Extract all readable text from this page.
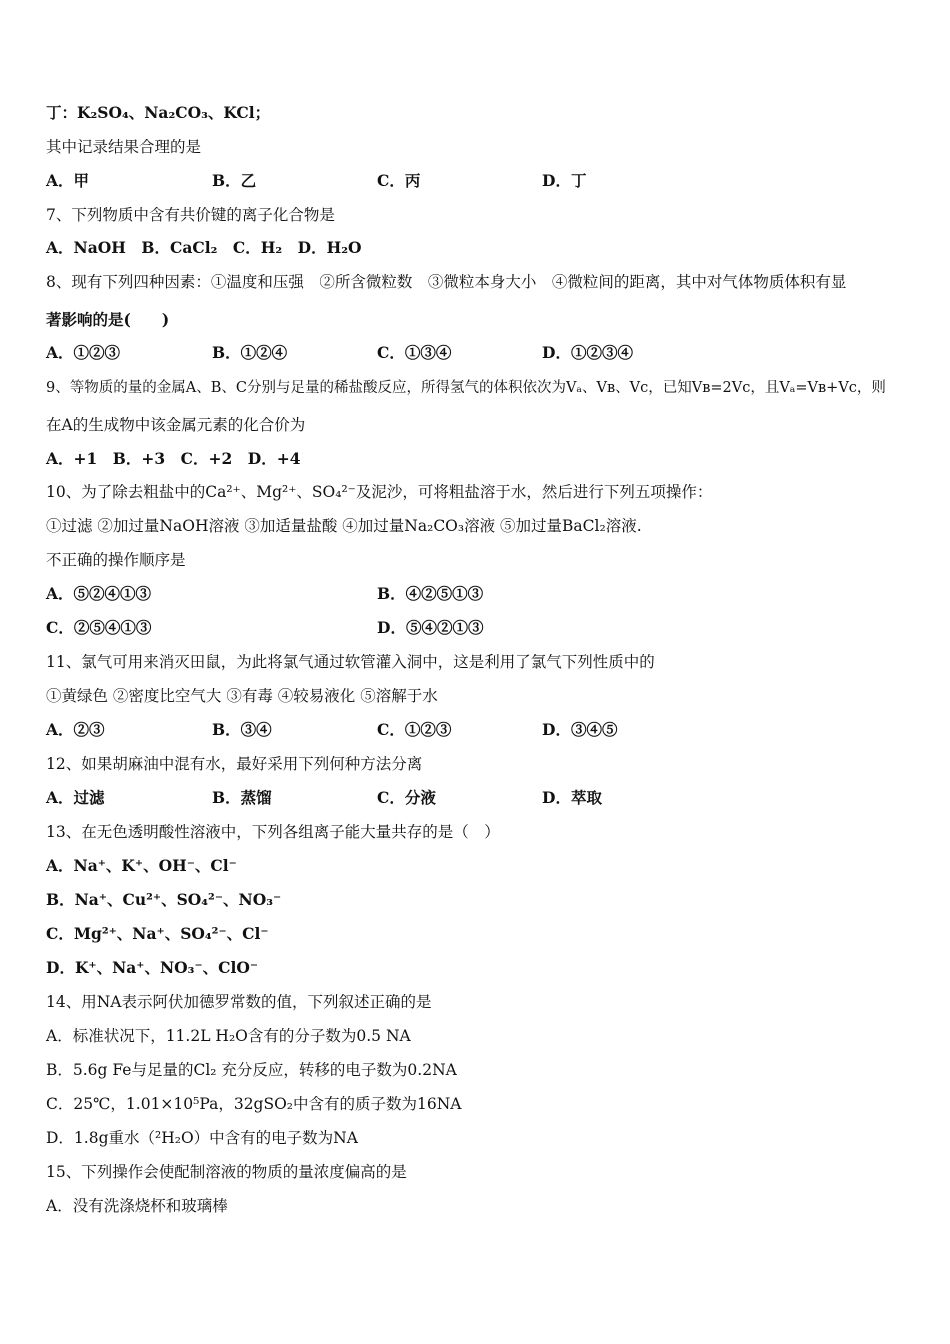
丁：K₂SO₄、Na₂CO₃、KCl；
其中记录结果合理的是
A．甲	B．乙	C．丙	D．丁
7、下列物质中含有共价键的离子化合物是
A．NaOH　B．CaCl₂　C．H₂　D．H₂O
8、现有下列四种因素：①温度和压强　②所含微粒数　③微粒本身大小　④微粒间的距离，其中对气体物质体积有显
著影响的是(　　)
A．①②③	B．①②④	C．①③④	D．①②③④
9、等物质的量的金属A、B、C分别与足量的稀盐酸反应，所得氢气的体积依次为Vₐ、Vв、Vc，已知Vв=2Vc，且Vₐ=Vв+Vc，则
在A的生成物中该金属元素的化合价为
A．+1　B．+3　C．+2　D．+4
10、为了除去粗盐中的Ca²⁺、Mg²⁺、SO₄²⁻及泥沙，可将粗盐溶于水，然后进行下列五项操作：
①过滤 ②加过量NaOH溶液 ③加适量盐酸 ④加过量Na₂CO₃溶液 ⑤加过量BaCl₂溶液.
不正确的操作顺序是
A．⑤②④①③	B．④②⑤①③
C．②⑤④①③	D．⑤④②①③
11、氯气可用来消灭田鼠，为此将氯气通过软管灌入洞中，这是利用了氯气下列性质中的
①黄绿色 ②密度比空气大 ③有毒 ④较易液化 ⑤溶解于水
A．②③	B．③④	C．①②③	D．③④⑤
12、如果胡麻油中混有水，最好采用下列何种方法分离
A．过滤	B．蒸馏	C．分液	D．萃取
13、在无色透明酸性溶液中，下列各组离子能大量共存的是（　）
A．Na⁺、K⁺、OH⁻、Cl⁻
B．Na⁺、Cu²⁺、SO₄²⁻、NO₃⁻
C．Mg²⁺、Na⁺、SO₄²⁻、Cl⁻
D．K⁺、Na⁺、NO₃⁻、ClO⁻
14、用NA表示阿伏加德罗常数的值，下列叙述正确的是
A．标准状况下，11.2L H₂O含有的分子数为0.5 NA
B．5.6g Fe与足量的Cl₂ 充分反应，转移的电子数为0.2NA
C．25℃，1.01×10⁵Pa，32gSO₂中含有的质子数为16NA
D．1.8g重水（²H₂O）中含有的电子数为NA
15、下列操作会使配制溶液的物质的量浓度偏高的是
A．没有洗涤烧杯和玻璃棒
